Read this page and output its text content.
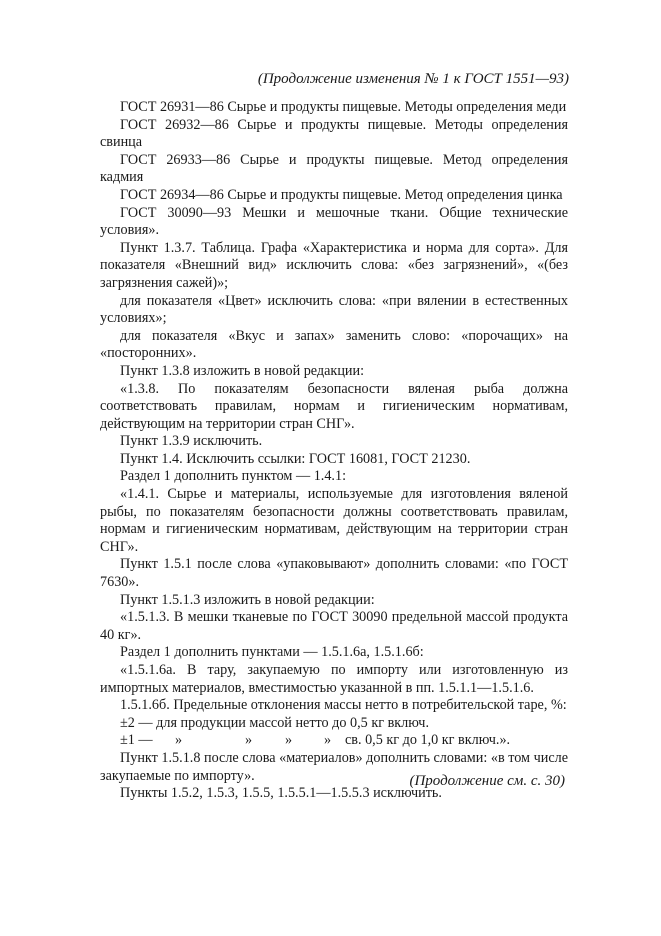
(Продолжение изменения № 1 к ГОСТ 1551—93)

ГОСТ 26931—86 Сырье и продукты пищевые. Методы определения меди

ГОСТ 26932—86 Сырье и продукты пищевые. Методы определения свинца

ГОСТ 26933—86 Сырье и продукты пищевые. Метод определения кадмия

ГОСТ 26934—86 Сырье и продукты пищевые. Метод определения цинка

ГОСТ 30090—93 Мешки и мешочные ткани. Общие технические условия».

Пункт 1.3.7. Таблица. Графа «Характеристика и норма для сорта». Для показателя «Внешний вид» исключить слова: «без загрязнений», «(без загрязнения сажей)»;

для показателя «Цвет» исключить слова: «при вялении в естественных условиях»;

для показателя «Вкус и запах» заменить слово: «порочащих» на «посторонних».

Пункт 1.3.8 изложить в новой редакции:

«1.3.8. По показателям безопасности вяленая рыба должна соответствовать правилам, нормам и гигиеническим нормативам, действующим на территории стран СНГ».

Пункт 1.3.9 исключить.

Пункт 1.4. Исключить ссылки: ГОСТ 16081, ГОСТ 21230.

Раздел 1 дополнить пунктом — 1.4.1:

«1.4.1. Сырье и материалы, используемые для изготовления вяленой рыбы, по показателям безопасности должны соответствовать правилам, нормам и гигиеническим нормативам, действующим на территории стран СНГ».

Пункт 1.5.1 после слова «упаковывают» дополнить словами: «по ГОСТ 7630».

Пункт 1.5.1.3 изложить в новой редакции:

«1.5.1.3. В мешки тканевые по ГОСТ 30090 предельной массой продукта 40 кг».

Раздел 1 дополнить пунктами — 1.5.1.6а, 1.5.1.6б:

«1.5.1.6а. В тару, закупаемую по импорту или изготовленную из импортных материалов, вместимостью указанной в пп. 1.5.1.1—1.5.1.6.

1.5.1.6б. Предельные отклонения массы нетто в потребительской таре, %:

±2 — для продукции массой нетто до 0,5 кг включ.

±1 — »	» » » св. 0,5 кг до 1,0 кг включ.».

Пункт 1.5.1.8 после слова «материалов» дополнить словами: «в том числе закупаемые по импорту».

Пункты 1.5.2, 1.5.3, 1.5.5, 1.5.5.1—1.5.5.3 исключить.

(Продолжение см. с. 30)
